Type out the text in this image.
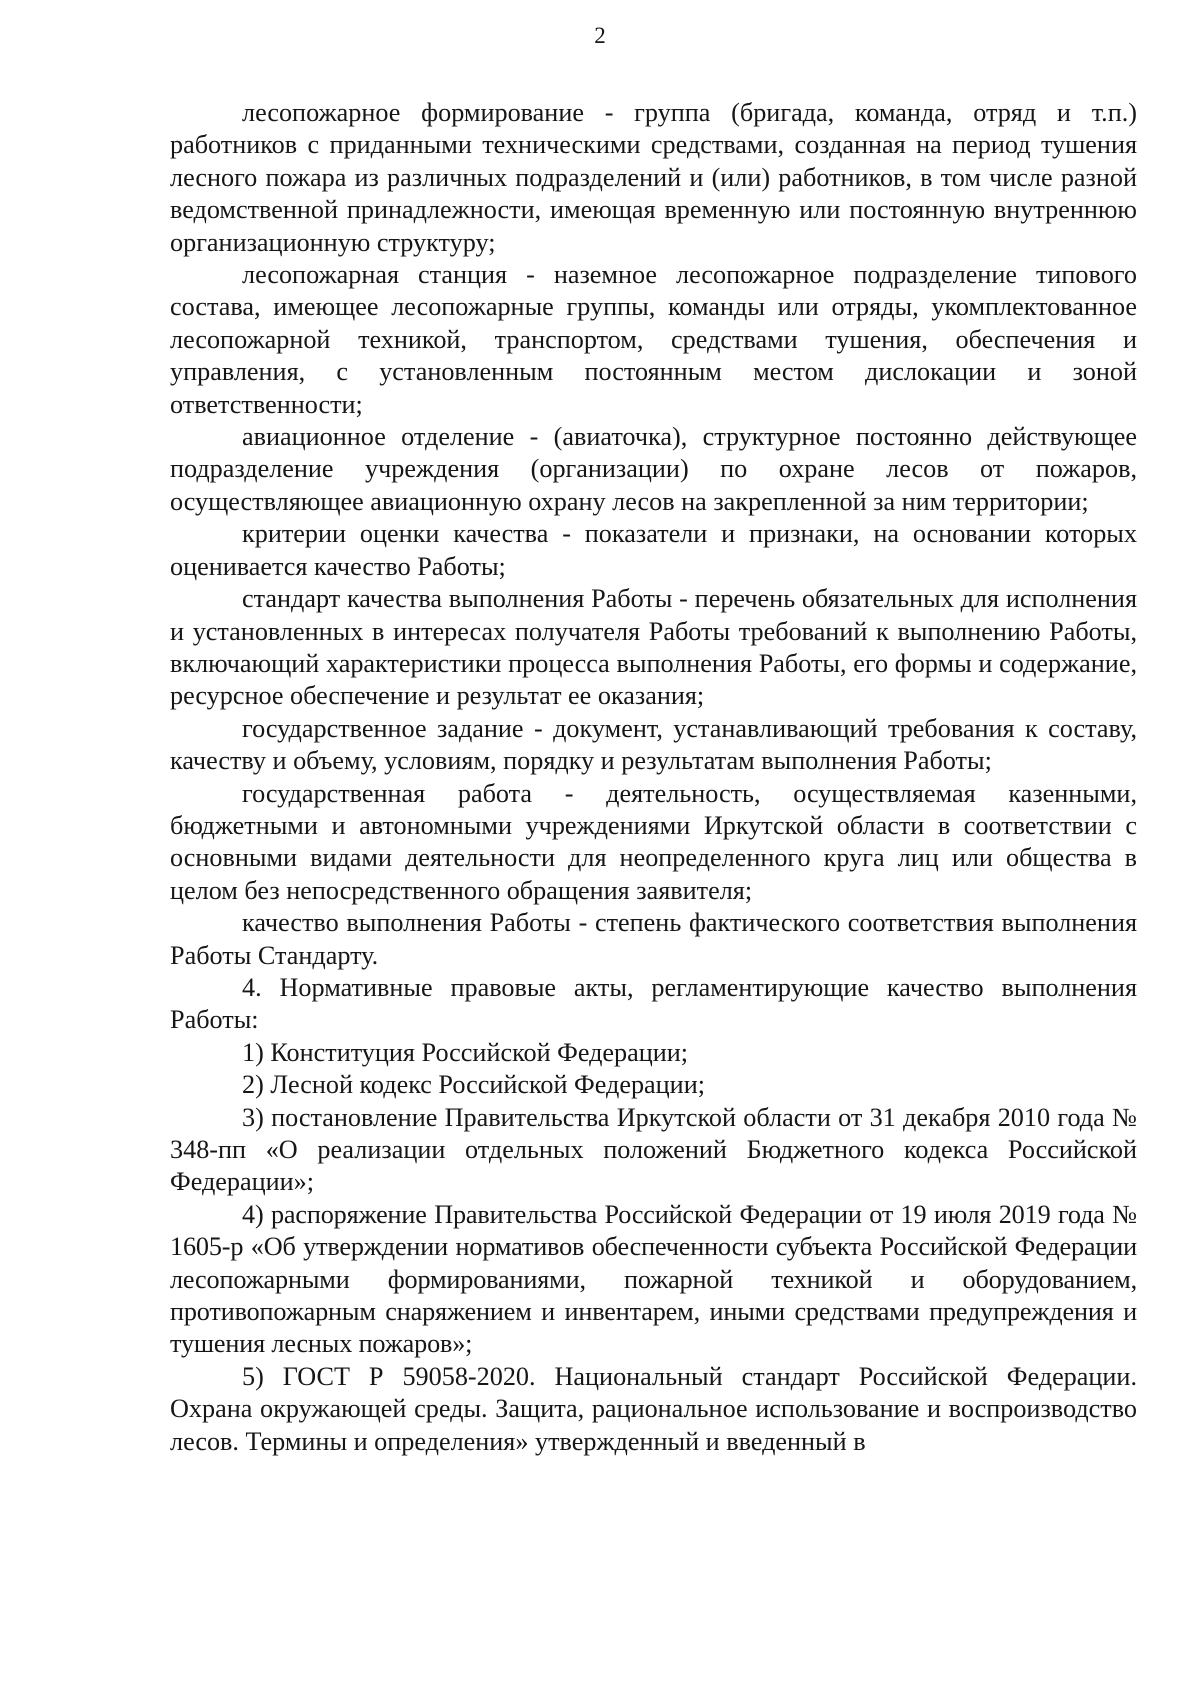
2

лесопожарное формирование - группа (бригада, команда, отряд и т.п.) работников с приданными техническими средствами, созданная на период тушения лесного пожара из различных подразделений и (или) работников, в том числе разной ведомственной принадлежности, имеющая временную или постоянную внутреннюю организационную структуру;

лесопожарная станция - наземное лесопожарное подразделение типового состава, имеющее лесопожарные группы, команды или отряды, укомплектованное лесопожарной техникой, транспортом, средствами тушения, обеспечения и управления, с установленным постоянным местом дислокации и зоной ответственности;

авиационное отделение - (авиаточка), структурное постоянно действующее подразделение учреждения (организации) по охране лесов от пожаров, осуществляющее авиационную охрану лесов на закрепленной за ним территории;

критерии оценки качества - показатели и признаки, на основании которых оценивается качество Работы;

стандарт качества выполнения Работы - перечень обязательных для исполнения и установленных в интересах получателя Работы требований к выполнению Работы, включающий характеристики процесса выполнения Работы, его формы и содержание, ресурсное обеспечение и результат ее оказания;

государственное задание - документ, устанавливающий требования к составу, качеству и объему, условиям, порядку и результатам выполнения Работы;

государственная работа - деятельность, осуществляемая казенными, бюджетными и автономными учреждениями Иркутской области в соответствии с основными видами деятельности для неопределенного круга лиц или общества в целом без непосредственного обращения заявителя;

качество выполнения Работы - степень фактического соответствия выполнения Работы Стандарту.

4. Нормативные правовые акты, регламентирующие качество выполнения Работы:

1) Конституция Российской Федерации;

2) Лесной кодекс Российской Федерации;

3) постановление Правительства Иркутской области от 31 декабря 2010 года № 348-пп «О реализации отдельных положений Бюджетного кодекса Российской Федерации»;

4) распоряжение Правительства Российской Федерации от 19 июля 2019 года № 1605-р «Об утверждении нормативов обеспеченности субъекта Российской Федерации лесопожарными формированиями, пожарной техникой и оборудованием, противопожарным снаряжением и инвентарем, иными средствами предупреждения и тушения лесных пожаров»;

5) ГОСТ Р 59058-2020. Национальный стандарт Российской Федерации. Охрана окружающей среды. Защита, рациональное использование и воспроизводство лесов. Термины и определения» утвержденный и введенный в
